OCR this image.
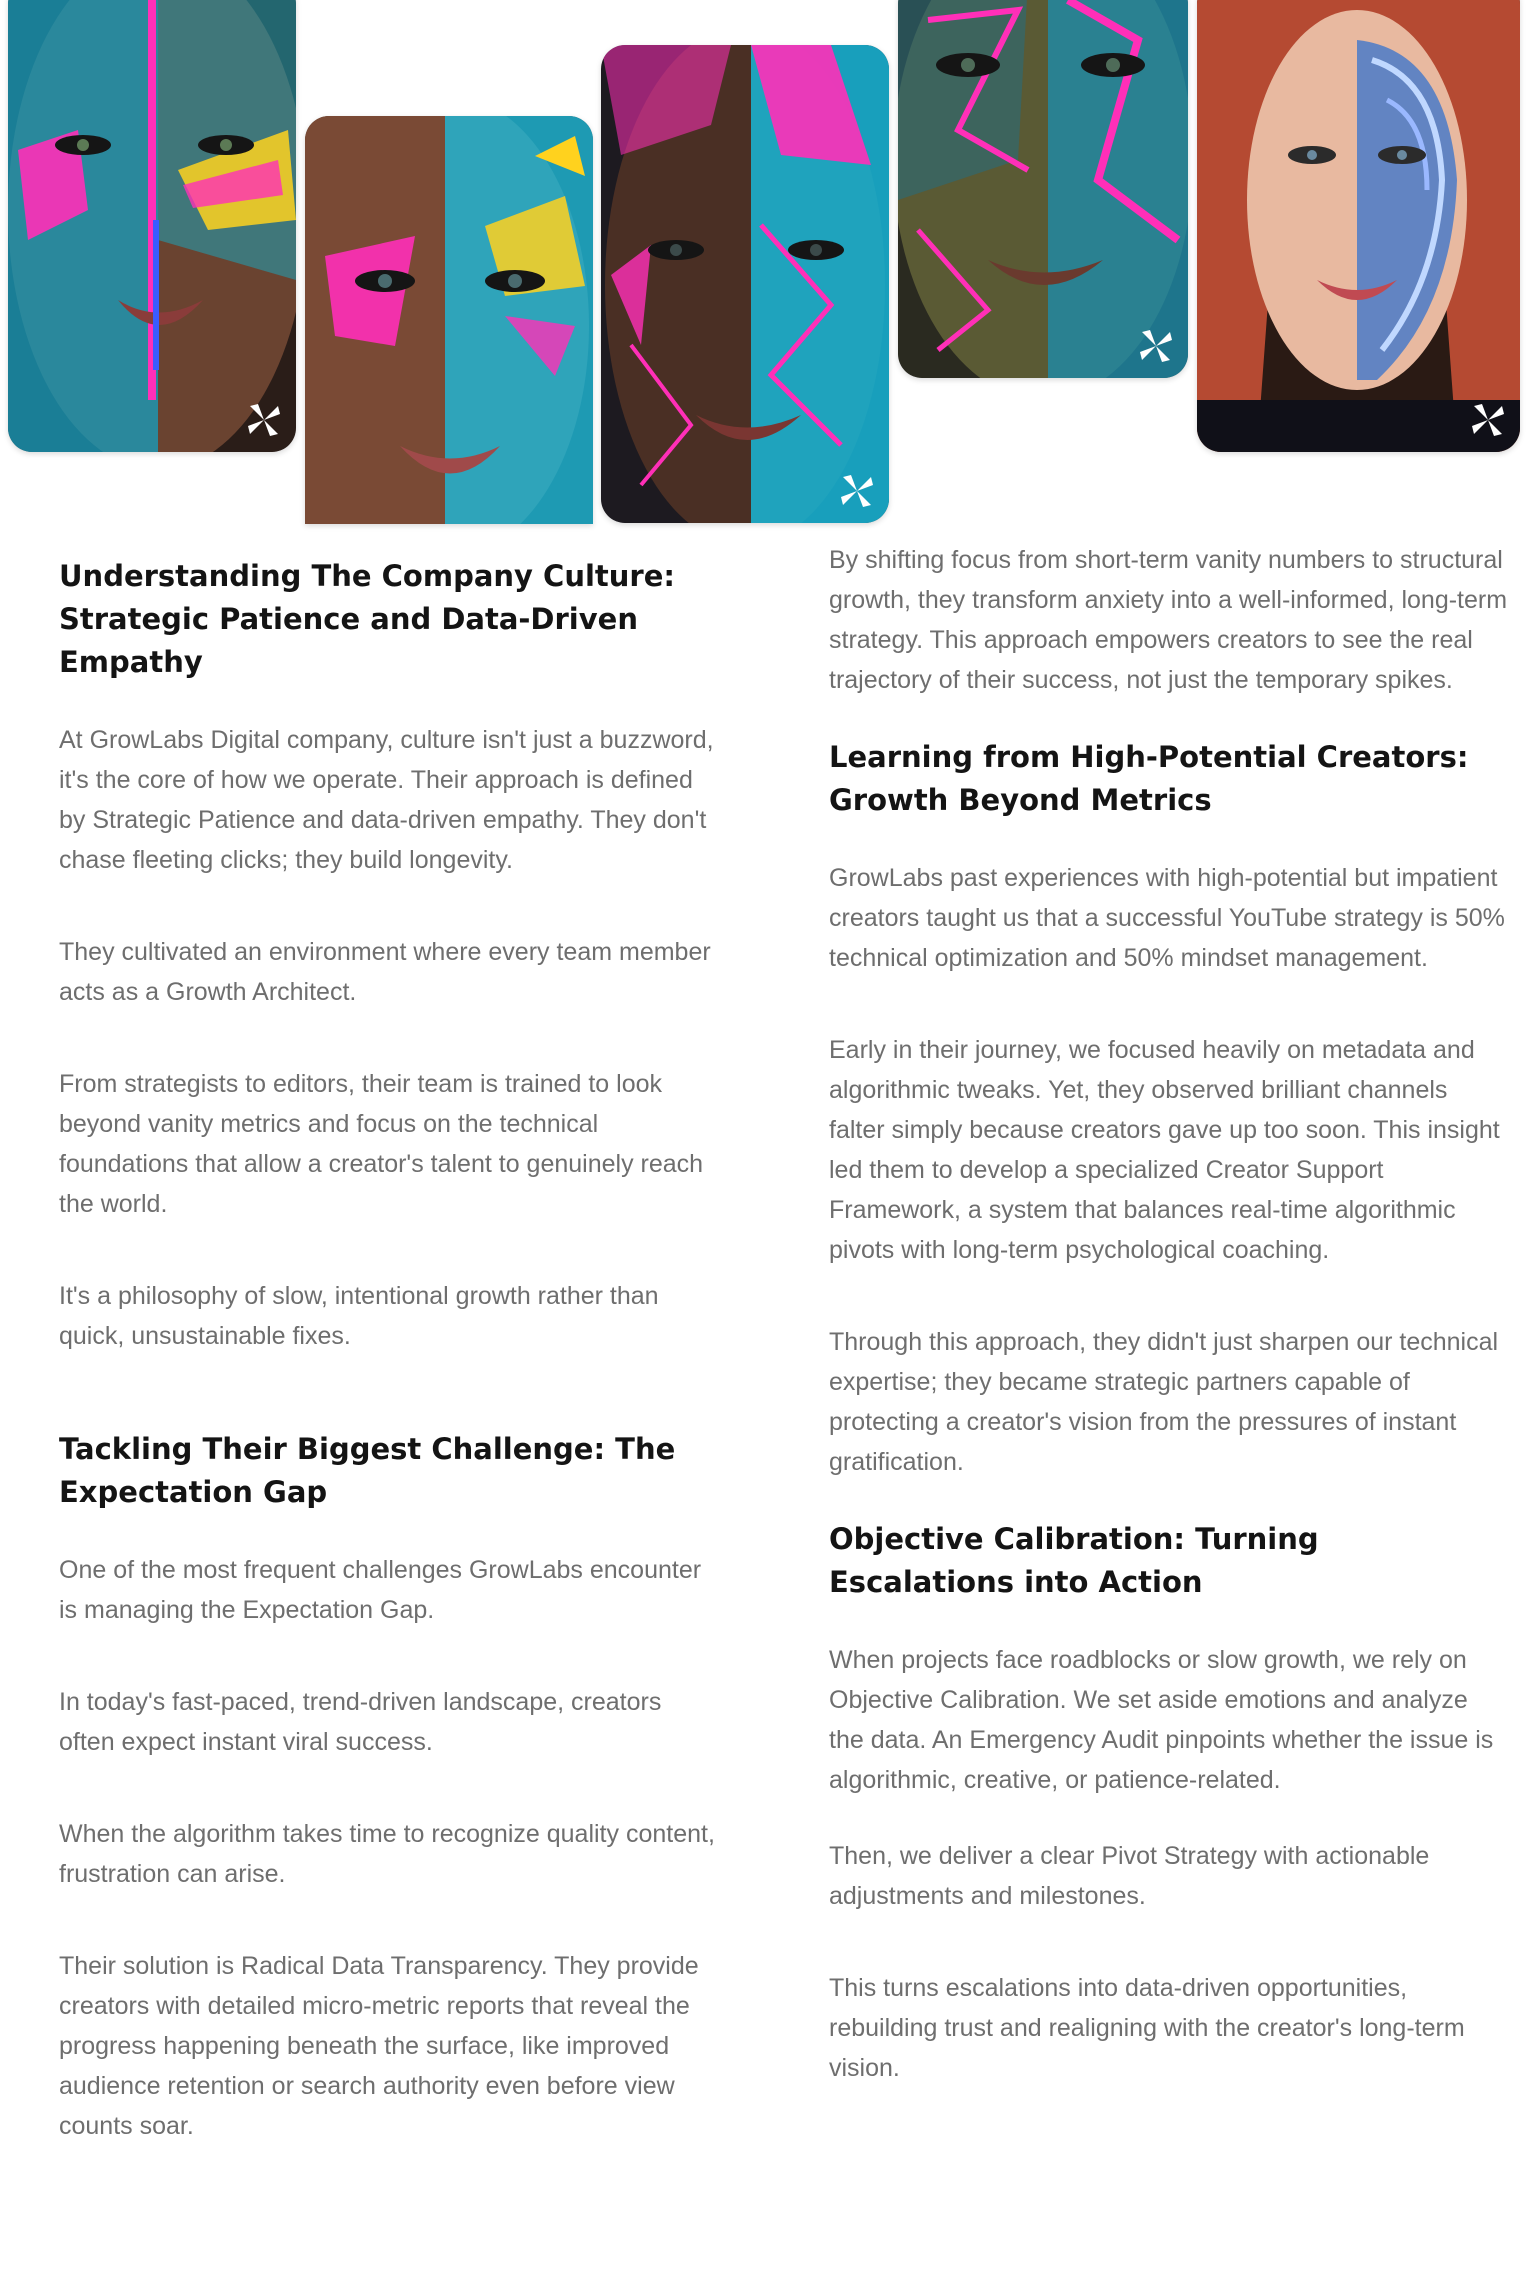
Understanding The Company Culture: Strategic Patience and Data-Driven Empathy

At GrowLabs Digital company, culture isn't just a buzzword, it's the core of how we operate. Their approach is defined by Strategic Patience and data-driven empathy. They don't chase fleeting clicks; they build longevity.

They cultivated an environment where every team member acts as a Growth Architect.

From strategists to editors, their team is trained to look beyond vanity metrics and focus on the technical foundations that allow a creator's talent to genuinely reach the world.

It's a philosophy of slow, intentional growth rather than quick, unsustainable fixes.

Tackling Their Biggest Challenge: The Expectation Gap

One of the most frequent challenges GrowLabs encounter is managing the Expectation Gap.

In today's fast-paced, trend-driven landscape, creators often expect instant viral success.

When the algorithm takes time to recognize quality content, frustration can arise.

Their solution is Radical Data Transparency. They provide creators with detailed micro-metric reports that reveal the progress happening beneath the surface, like improved audience retention or search authority even before view counts soar.

By shifting focus from short-term vanity numbers to structural growth, they transform anxiety into a well-informed, long-term strategy. This approach empowers creators to see the real trajectory of their success, not just the temporary spikes.

Learning from High-Potential Creators: Growth Beyond Metrics

GrowLabs past experiences with high-potential but impatient creators taught us that a successful YouTube strategy is 50% technical optimization and 50% mindset management.

Early in their journey, we focused heavily on metadata and algorithmic tweaks. Yet, they observed brilliant channels falter simply because creators gave up too soon. This insight led them to develop a specialized Creator Support Framework, a system that balances real-time algorithmic pivots with long-term psychological coaching.

Through this approach, they didn't just sharpen our technical expertise; they became strategic partners capable of protecting a creator's vision from the pressures of instant gratification.

Objective Calibration: Turning Escalations into Action

When projects face roadblocks or slow growth, we rely on Objective Calibration. We set aside emotions and analyze the data. An Emergency Audit pinpoints whether the issue is algorithmic, creative, or patience-related.

Then, we deliver a clear Pivot Strategy with actionable adjustments and milestones.

This turns escalations into data-driven opportunities, rebuilding trust and realigning with the creator's long-term vision.
